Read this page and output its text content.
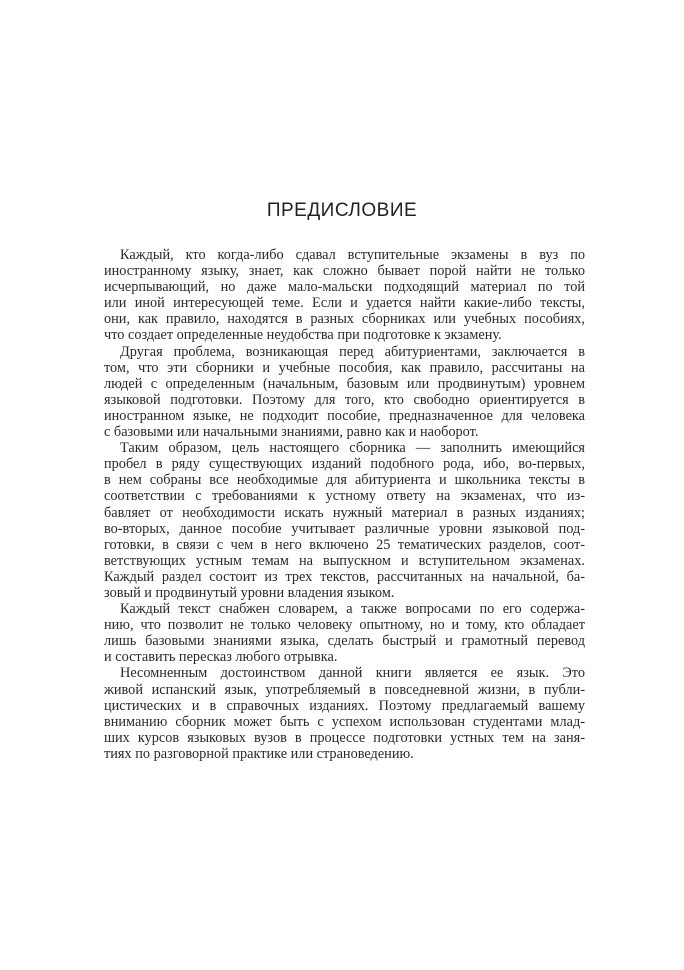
ПРЕДИСЛОВИЕ
Каждый, кто когда-либо сдавал вступительные экзамены в вуз по
иностранному языку, знает, как сложно бывает порой найти не только
исчерпывающий, но даже мало-мальски подходящий материал по той
или иной интересующей теме. Если и удается найти какие-либо тексты,
они, как правило, находятся в разных сборниках или учебных пособиях,
что создает определенные неудобства при подготовке к экзамену.
Другая проблема, возникающая перед абитуриентами, заключается в
том, что эти сборники и учебные пособия, как правило, рассчитаны на
людей с определенным (начальным, базовым или продвинутым) уровнем
языковой подготовки. Поэтому для того, кто свободно ориентируется в
иностранном языке, не подходит пособие, предназначенное для человека
с базовыми или начальными знаниями, равно как и наоборот.
Таким образом, цель настоящего сборника — заполнить имеющийся
пробел в ряду существующих изданий подобного рода, ибо, во-первых,
в нем собраны все необходимые для абитуриента и школьника тексты в
соответствии с требованиями к устному ответу на экзаменах, что из-
бавляет от необходимости искать нужный материал в разных изданиях;
во-вторых, данное пособие учитывает различные уровни языковой под-
готовки, в связи с чем в него включено 25 тематических разделов, соот-
ветствующих устным темам на выпускном и вступительном экзаменах.
Каждый раздел состоит из трех текстов, рассчитанных на начальной, ба-
зовый и продвинутый уровни владения языком.
Каждый текст снабжен словарем, а также вопросами по его содержа-
нию, что позволит не только человеку опытному, но и тому, кто обладает
лишь базовыми знаниями языка, сделать быстрый и грамотный перевод
и составить пересказ любого отрывка.
Несомненным достоинством данной книги является ее язык. Это
живой испанский язык, употребляемый в повседневной жизни, в публи-
цистических и в справочных изданиях. Поэтому предлагаемый вашему
вниманию сборник может быть с успехом использован студентами млад-
ших курсов языковых вузов в процессе подготовки устных тем на заня-
тиях по разговорной практике или страноведению.
